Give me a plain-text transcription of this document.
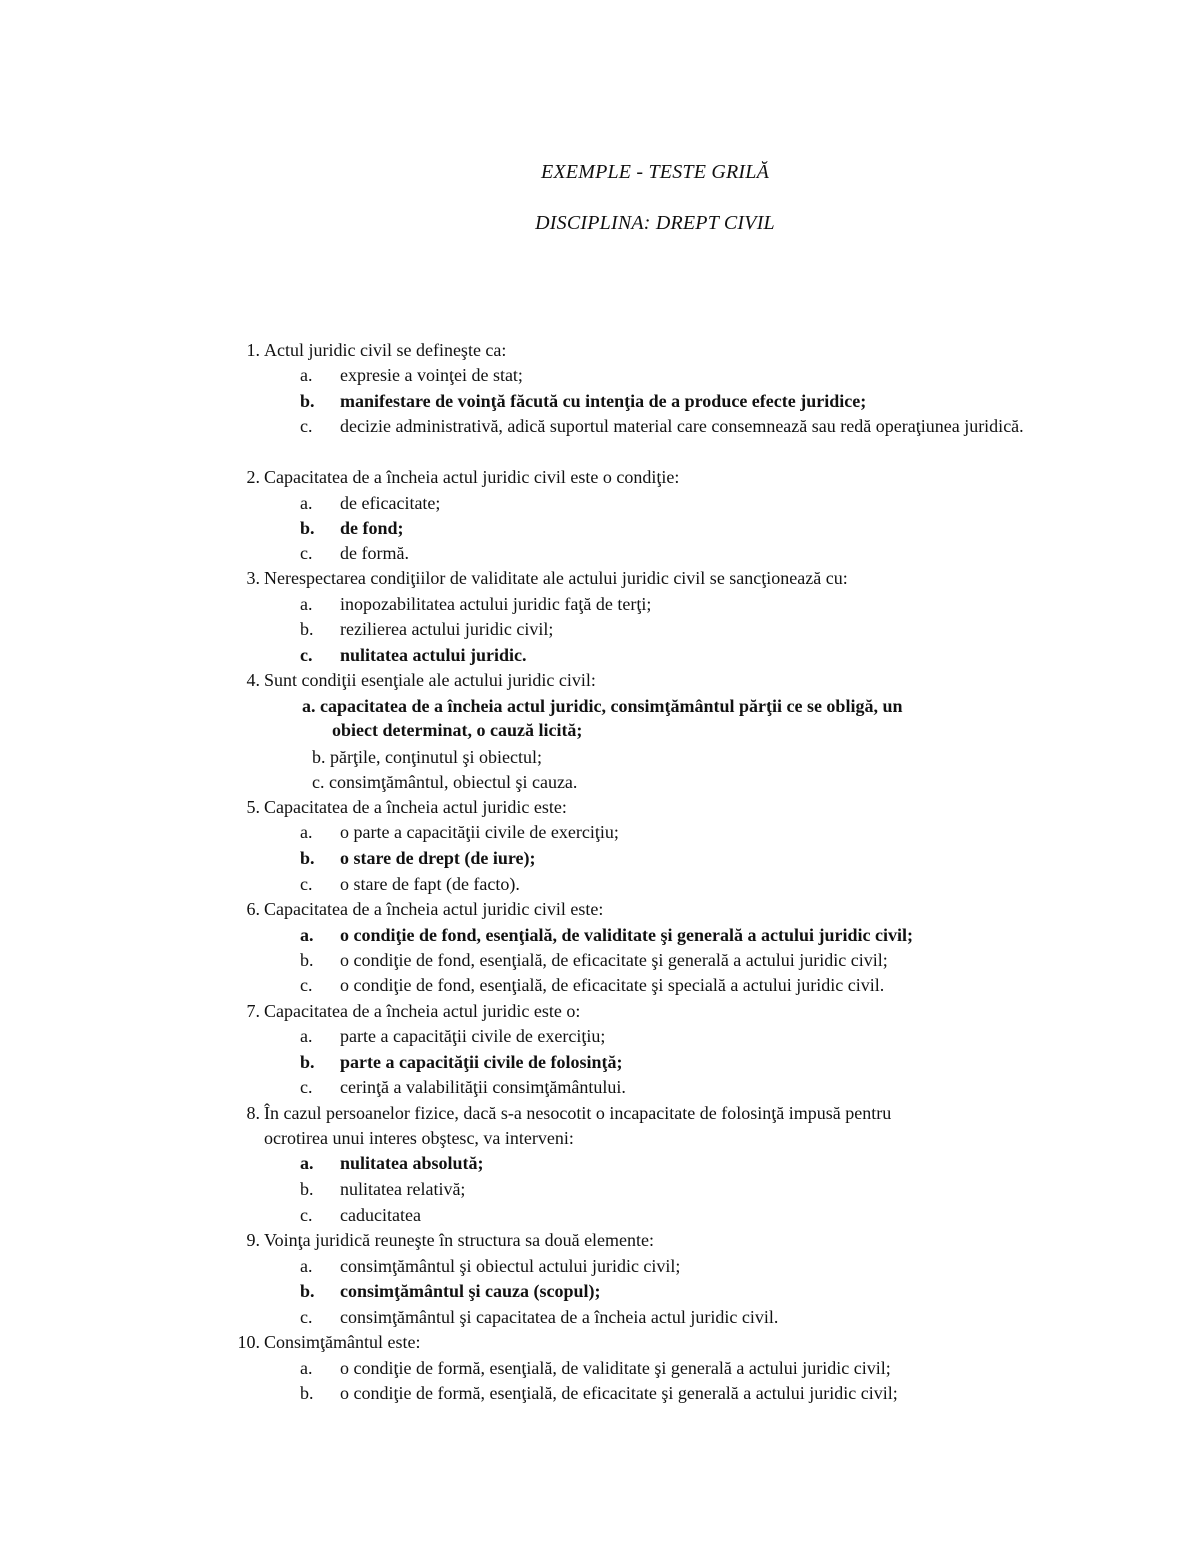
EXEMPLE - TESTE GRILĂ
DISCIPLINA: DREPT CIVIL
1. Actul juridic civil se defineşte ca:
a.	expresie a voinţei de stat;
b.	manifestare de voinţă făcută cu intenţia de a produce efecte juridice;
c.	decizie administrativă, adică suportul material care consemnează sau redă operaţiunea juridică.
2. Capacitatea de a încheia actul juridic civil este o condiţie:
a.	de eficacitate;
b.	de fond;
c.	de formă.
3. Nerespectarea condiţiilor de validitate ale actului juridic civil se sancţionează cu:
a.	inopozabilitatea actului juridic faţă de terţi;
b.	rezilierea actului juridic civil;
c.	nulitatea actului juridic.
4. Sunt condiţii esenţiale ale actului juridic civil:
a. capacitatea de a încheia actul juridic, consimţământul părţii ce se obligă, un
obiect determinat, o cauză licită;
b. părţile, conţinutul şi obiectul;
c. consimţământul, obiectul şi cauza.
5. Capacitatea de a încheia actul juridic este:
a.	o parte a capacităţii civile de exerciţiu;
b.	o stare de drept (de iure);
c.	o stare de fapt (de facto).
6. Capacitatea de a încheia actul juridic civil este:
a.	o condiţie de fond, esenţială, de validitate şi generală a actului juridic civil;
b.	o condiţie de fond, esenţială, de eficacitate şi generală a actului juridic civil;
c.	o condiţie de fond, esenţială, de eficacitate şi specială a actului juridic civil.
7. Capacitatea de a încheia actul juridic este o:
a.	parte a capacităţii civile de exerciţiu;
b.	parte a capacităţii civile de folosinţă;
c.	cerinţă a valabilităţii consimţământului.
8. În cazul persoanelor fizice, dacă s-a nesocotit o incapacitate de folosinţă impusă pentru
ocrotirea unui interes obştesc, va interveni:
a.	nulitatea absolută;
b.	nulitatea relativă;
c.	caducitatea
9. Voinţa juridică reuneşte în structura sa două elemente:
a.	consimţământul şi obiectul actului juridic civil;
b.	consimţământul şi cauza (scopul);
c.	consimţământul şi capacitatea de a încheia actul juridic civil.
10. Consimţământul este:
a.	o condiţie de formă, esenţială, de validitate şi generală a actului juridic civil;
b.	o condiţie de formă, esenţială, de eficacitate şi generală a actului juridic civil;
